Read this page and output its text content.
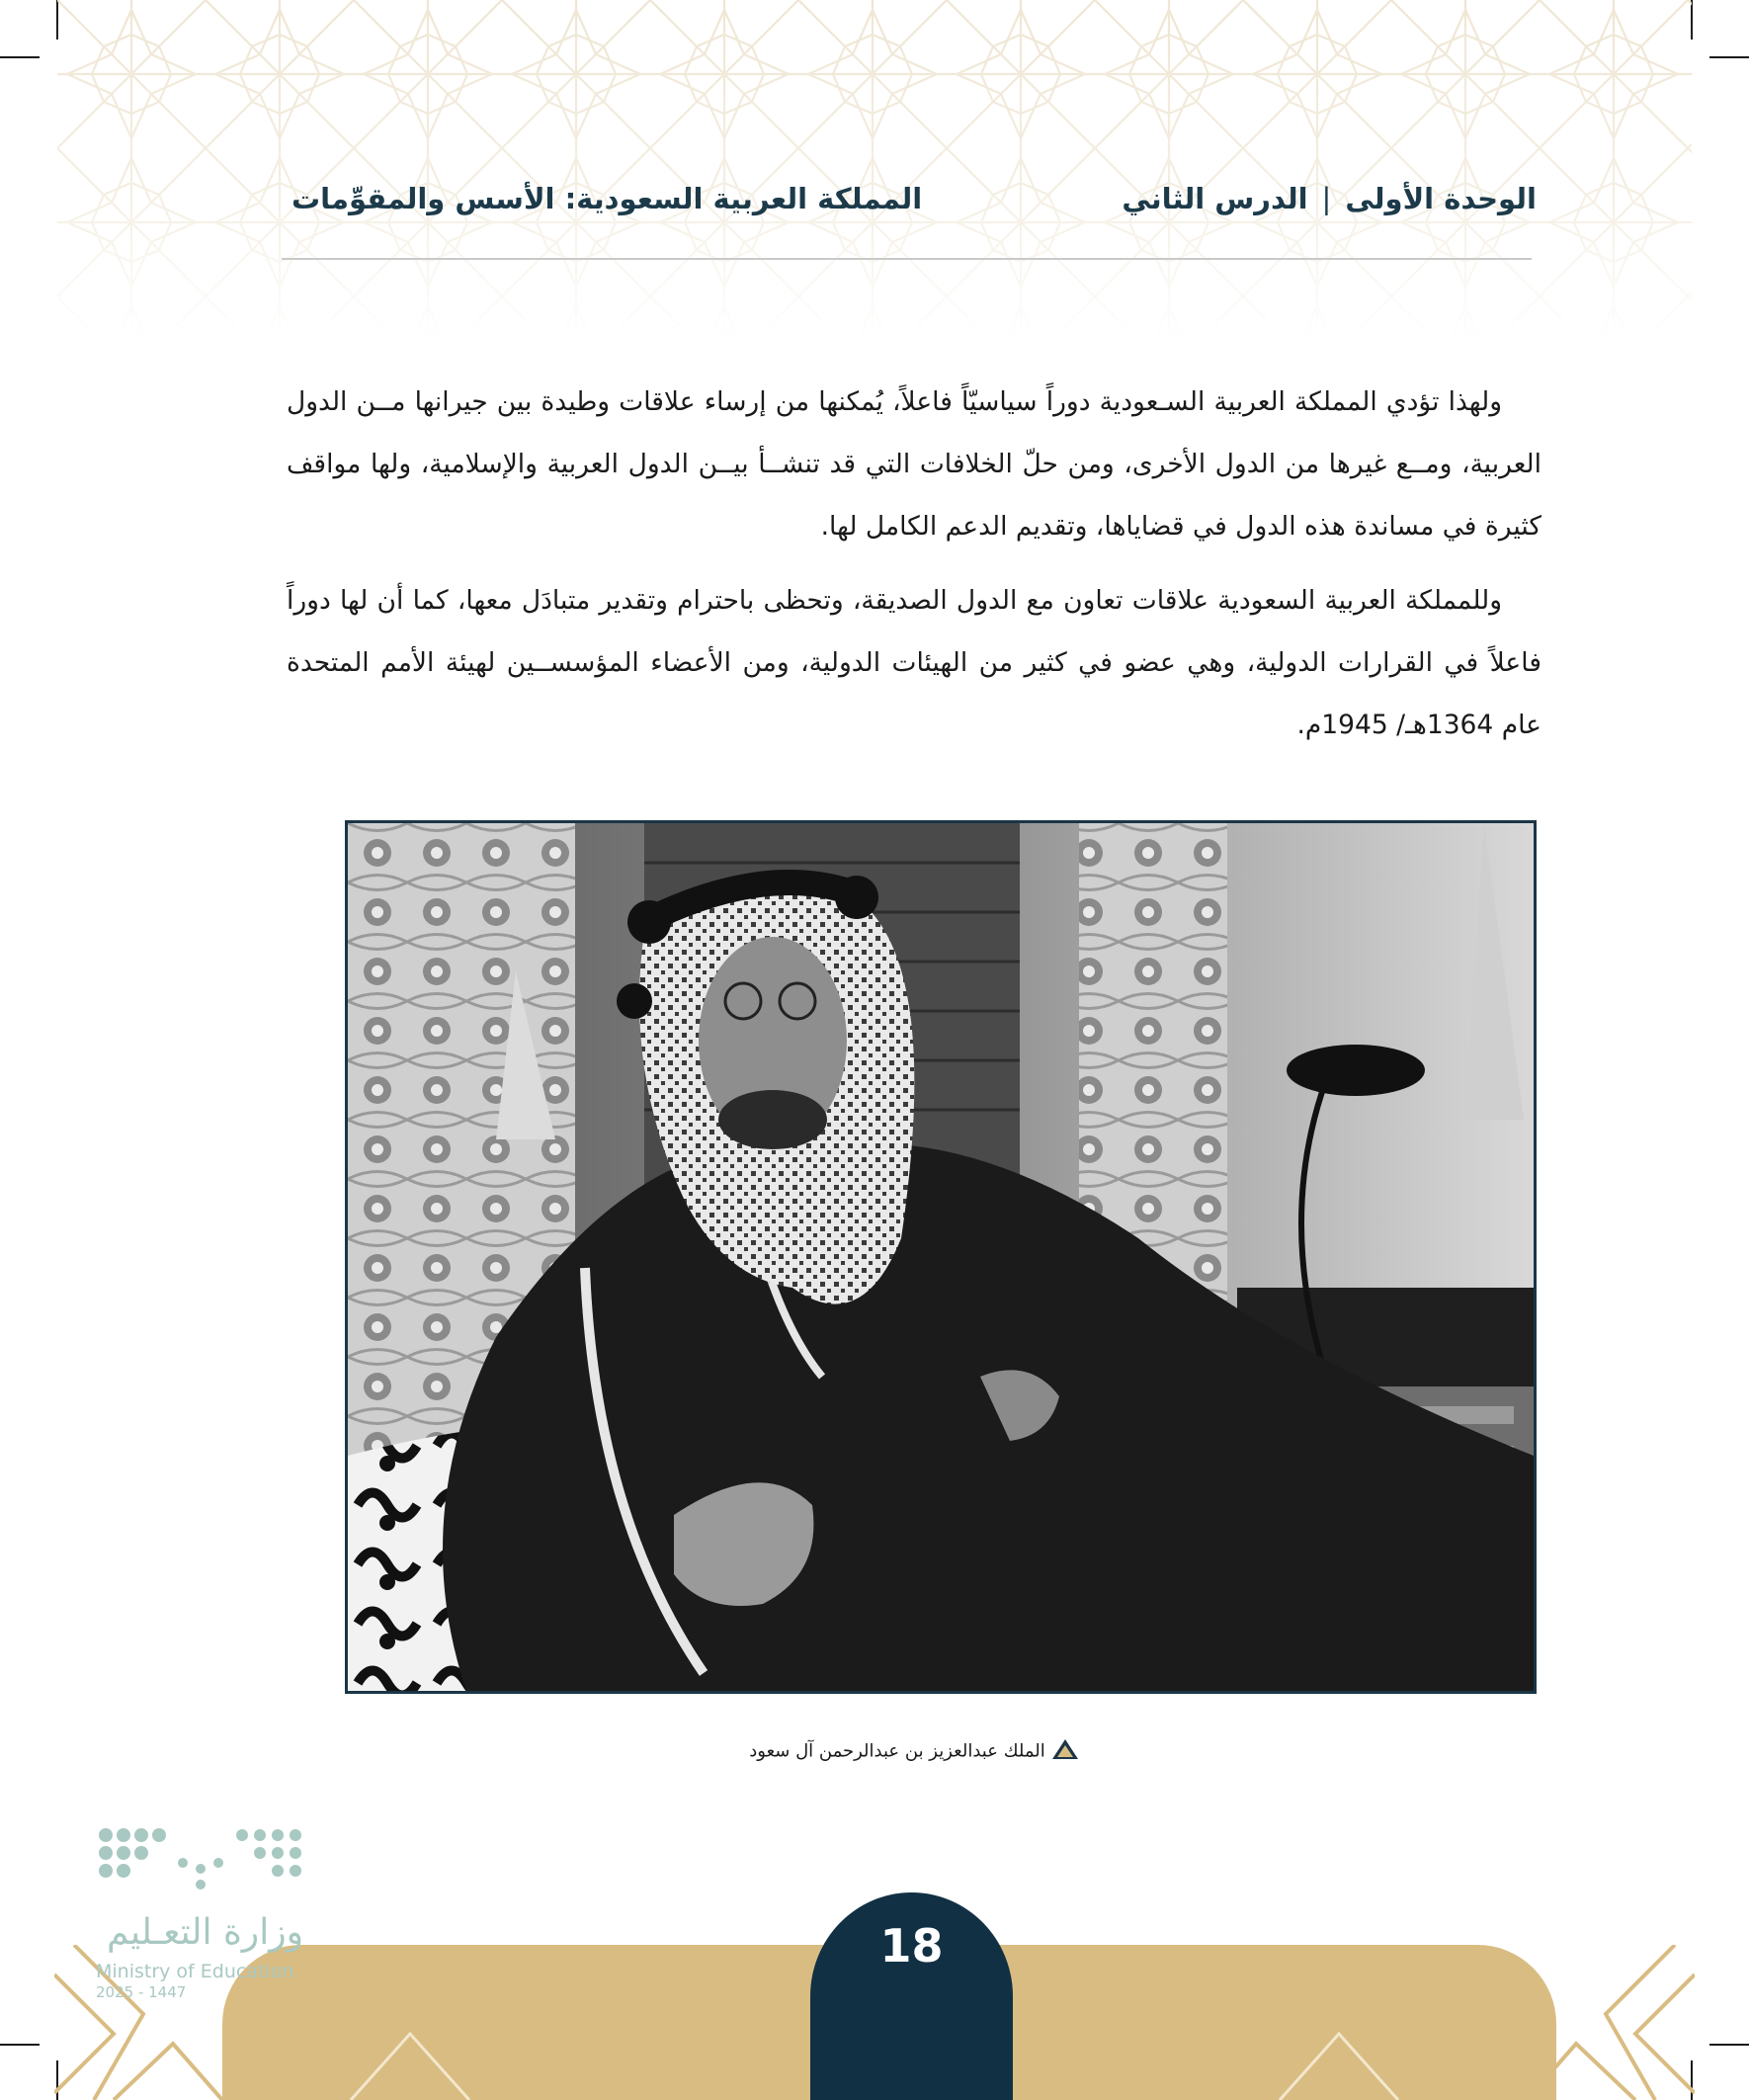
الوحدة الأولى|الدرس الثاني
المملكة العربية السعودية: الأسس والمقوِّمات

ولهذا تؤدي المملكة العربية السـعودية دوراً سياسيّاً فاعلاً، يُمكنها من إرساء علاقات وطيدة بين جيرانها مــن الدول العربية، ومــع غيرها من الدول الأخرى، ومن حلّ الخلافات التي قد تنشــأ بيــن الدول العربية والإسلامية، ولها مواقف كثيرة في مساندة هذه الدول في قضاياها، وتقديم الدعم الكامل لها.

وللمملكة العربية السعودية علاقات تعاون مع الدول الصديقة، وتحظى باحترام وتقدير متبادَل معها، كما أن لها دوراً فاعلاً في القرارات الدولية، وهي عضو في كثير من الهيئات الدولية، ومن الأعضاء المؤسســين لهيئة الأمم المتحدة عام 1364هـ/ 1945م.

الملك عبدالعزيز بن عبدالرحمن آل سعود
وزارة التعـليم
Ministry of Education
2025 - 1447
18
